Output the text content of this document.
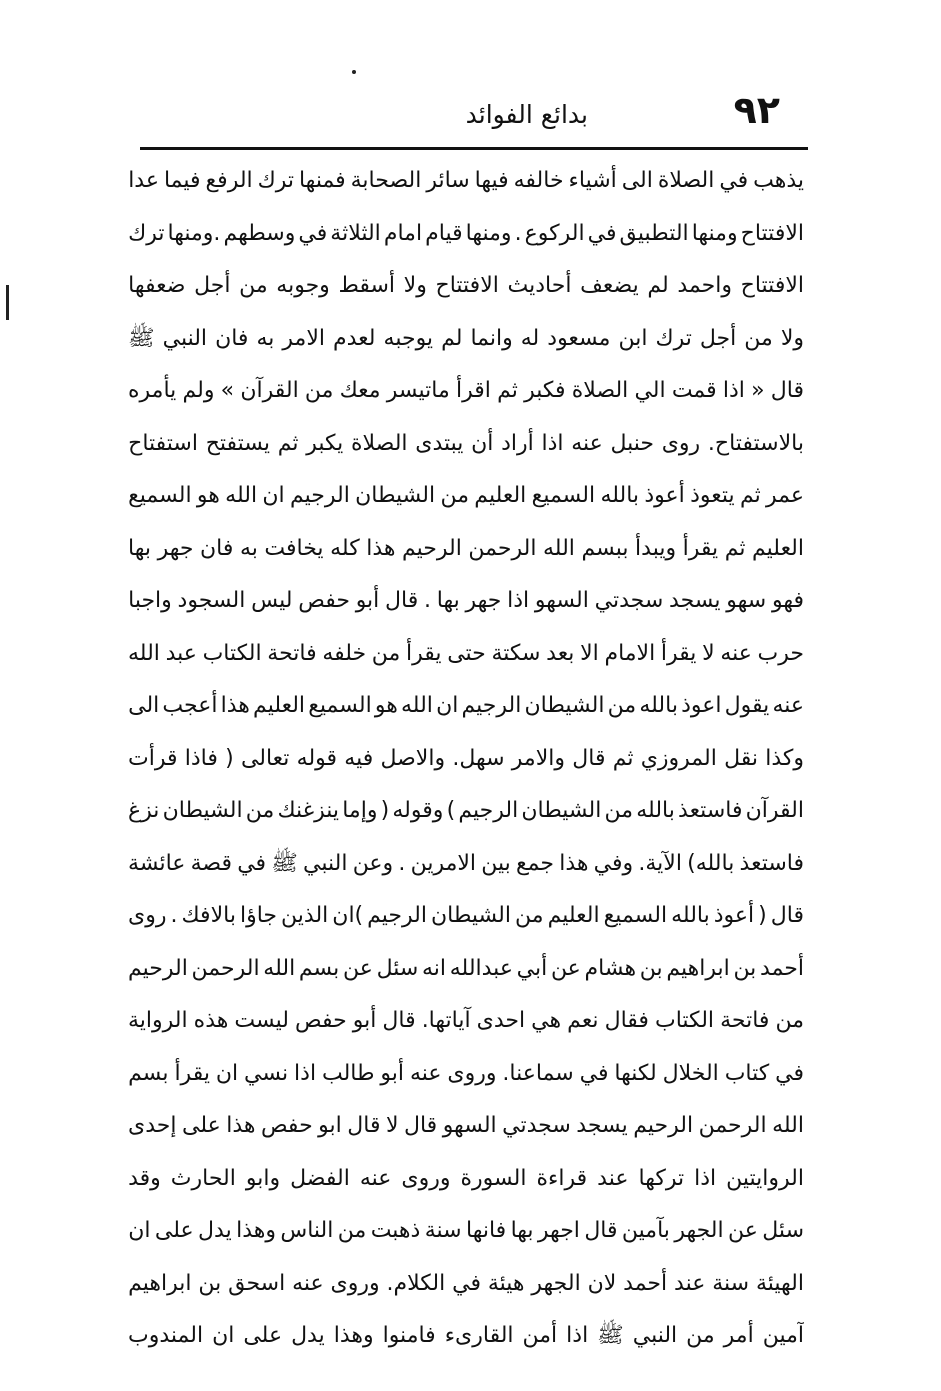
٩٢
بدائع الفوائد
يذهب
في
الصلاة
الى
أشياء
خالفه
فيها
سائر
الصحابة
فمنها
ترك
الرفع
فيما
عدا
الافتتاح
ومنها
التطبيق
في
الركوع
.
ومنها
قيام
امام
الثلاثة
في
وسطهم
.ومنها
ترك
الافتتاح
واحمد
لم
يضعف
أحاديث
الافتتاح
ولا
أسقط
وجوبه
من
أجل
ضعفها
ولا
من
أجل
ترك
ابن
مسعود
له
وانما
لم
يوجبه
لعدم
الامر
به
فان
النبي
ﷺ
قال
«
اذا
قمت
الي
الصلاة
فكبر
ثم
اقرأ
ماتيسر
معك
من
القرآن
»
ولم
يأمره
بالاستفتاح.
روى
حنبل
عنه
اذا
أراد
أن
يبتدى
الصلاة
يكبر
ثم
يستفتح
استفتاح
عمر
ثم
يتعوذ
أعوذ
بالله
السميع
العليم
من
الشيطان
الرجيم
ان
الله
هو
السميع
العليم
ثم
يقرأ
ويبدأ
ببسم
الله
الرحمن
الرحيم
هذا
كله
يخافت
به
فان
جهر
بها
فهو
سهو
يسجد
سجدتي
السهو
اذا
جهر
بها
.
قال
أبو
حفص
ليس
السجود
واجبا
حرب
عنه
لا
يقرأ
الامام
الا
بعد
سكتة
حتى
يقرأ
من
خلفه
فاتحة
الكتاب
عبد
الله
عنه
يقول
اعوذ
بالله
من
الشيطان
الرجيم
ان
الله
هو
السميع
العليم
هذا
أعجب
الى
وكذا
نقل
المروزي
ثم
قال
والامر
سهل.
والاصل
فيه
قوله
تعالى
(
فاذا
قرأت
القرآن
فاستعذ
بالله
من
الشيطان
الرجيم
)
وقوله
(
وإما
ينزغنك
من
الشيطان
نزغ
فاستعذ
بالله)
الآية.
وفي
هذا
جمع
بين
الامرين
.
وعن
النبي
ﷺ
في
قصة
عائشة
قال
(
أعوذ
بالله
السميع
العليم
من
الشيطان
الرجيم
)ان
الذين
جاؤا
بالافك
.
روى
أحمد
بن
ابراهيم
بن
هشام
عن
أبي
عبدالله
انه
سئل
عن
بسم
الله
الرحمن
الرحيم
من
فاتحة
الكتاب
فقال
نعم
هي
احدى
آياتها.
قال
أبو
حفص
ليست
هذه
الرواية
في
كتاب
الخلال
لكنها
في
سماعنا.
وروى
عنه
أبو
طالب
اذا
نسي
ان
يقرأ
بسم
الله
الرحمن
الرحيم
يسجد
سجدتي
السهو
قال
لا
قال
ابو
حفص
هذا
على
إحدى
الروايتين
اذا
تركها
عند
قراءة
السورة
وروى
عنه
الفضل
وابو
الحارث
وقد
سئل
عن
الجهر
بآمين
قال
اجهر
بها
فانها
سنة
ذهبت
من
الناس
وهذا
يدل
على
ان
الهيئة
سنة
عند
أحمد
لان
الجهر
هيئة
في
الكلام.
وروى
عنه
اسحق
بن
ابراهيم
آمين
أمر
من
النبي
ﷺ
اذا
أمن
القارىء
فامنوا
وهذا
يدل
على
ان
المندوب
